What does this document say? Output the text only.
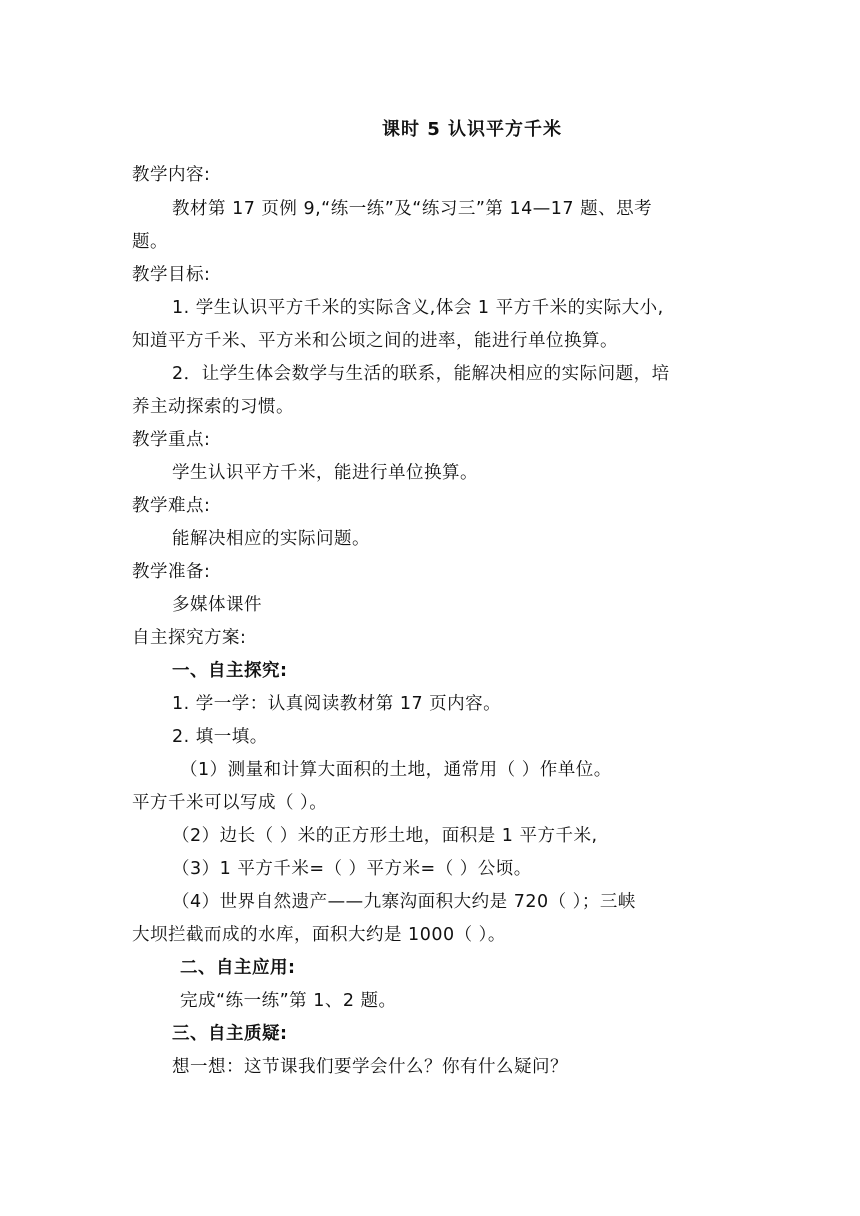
课时 5 认识平方千米
教学内容:
教材第 17 页例 9,“练一练”及“练习三”第 14—17 题、思考
题。
教学目标:
1. 学生认识平方千米的实际含义,体会 1 平方千米的实际大小,
知道平方千米、平方米和公顷之间的进率，能进行单位换算。
2．让学生体会数学与生活的联系，能解决相应的实际问题，培
养主动探索的习惯。
教学重点:
学生认识平方千米，能进行单位换算。
教学难点:
能解决相应的实际问题。
教学准备:
多媒体课件
自主探究方案:
一、自主探究:
1. 学一学：认真阅读教材第 17 页内容。
2. 填一填。
（1）测量和计算大面积的土地，通常用（ ）作单位。
平方千米可以写成（ ）。
（2）边长（ ）米的正方形土地，面积是 1 平方千米,
（3）1 平方千米=（ ）平方米=（ ）公顷。
（4）世界自然遗产——九寨沟面积大约是 720（ ）；三峡
大坝拦截而成的水库，面积大约是 1000（ ）。
二、自主应用:
完成“练一练”第 1、2 题。
三、自主质疑:
想一想：这节课我们要学会什么？你有什么疑问？
